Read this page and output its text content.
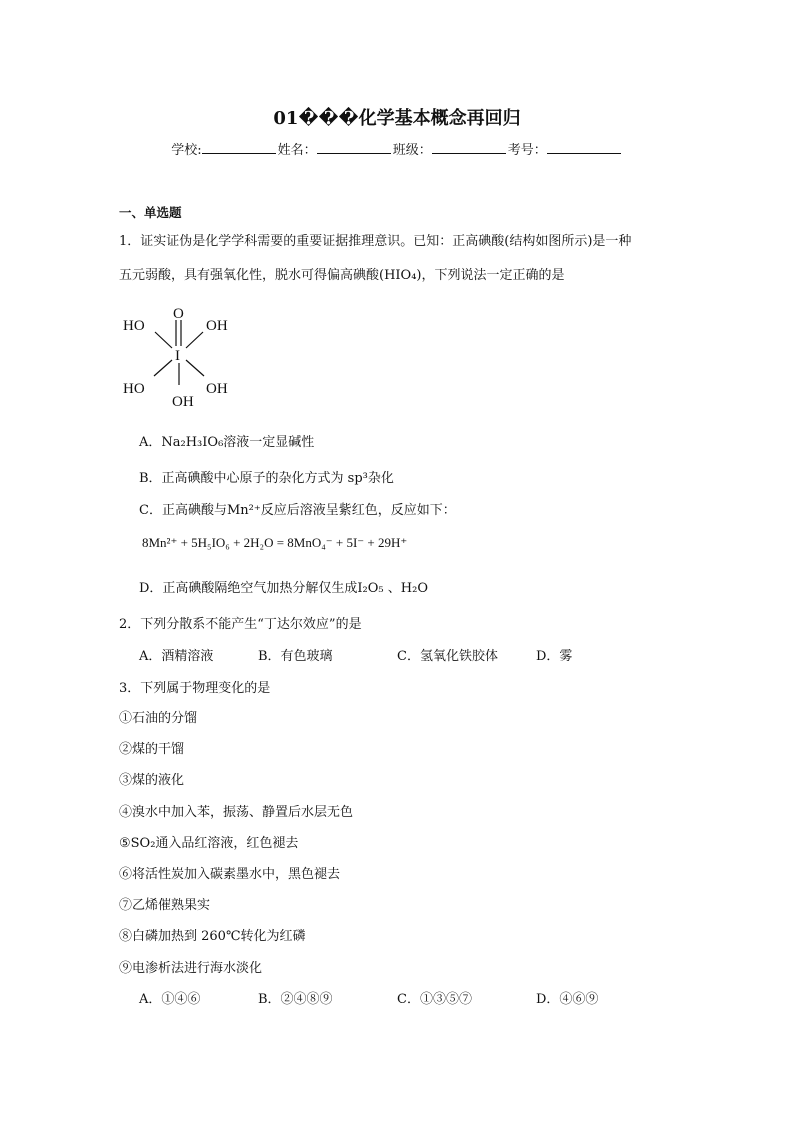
01���化学基本概念再回归
学校:	姓名：	班级：	考号：
一、单选题
1．证实证伪是化学学科需要的重要证据推理意识。已知：正高碘酸(结构如图所示)是一种
五元弱酸，具有强氧化性，脱水可得偏高碘酸(HIO₄)，下列说法一定正确的是
O
HO	OH
I
HO	OH
OH
A．Na₂H₃IO₆溶液一定显碱性
B．正高碘酸中心原子的杂化方式为 sp³杂化
C．正高碘酸与Mn²⁺反应后溶液呈紫红色，反应如下：
8Mn²⁺ + 5H₅IO₆ + 2H₂O = 8MnO₄⁻ + 5I⁻ + 29H⁺
D．正高碘酸隔绝空气加热分解仅生成I₂O₅ 、H₂O
2．下列分散系不能产生“丁达尔效应”的是
A．酒精溶液	B．有色玻璃	C．氢氧化铁胶体	D．雾
3．下列属于物理变化的是
①石油的分馏
②煤的干馏
③煤的液化
④溴水中加入苯，振荡、静置后水层无色
⑤SO₂通入品红溶液，红色褪去
⑥将活性炭加入碳素墨水中，黑色褪去
⑦乙烯催熟果实
⑧白磷加热到 260℃转化为红磷
⑨电渗析法进行海水淡化
A．①④⑥	B．②④⑧⑨	C．①③⑤⑦	D．④⑥⑨
